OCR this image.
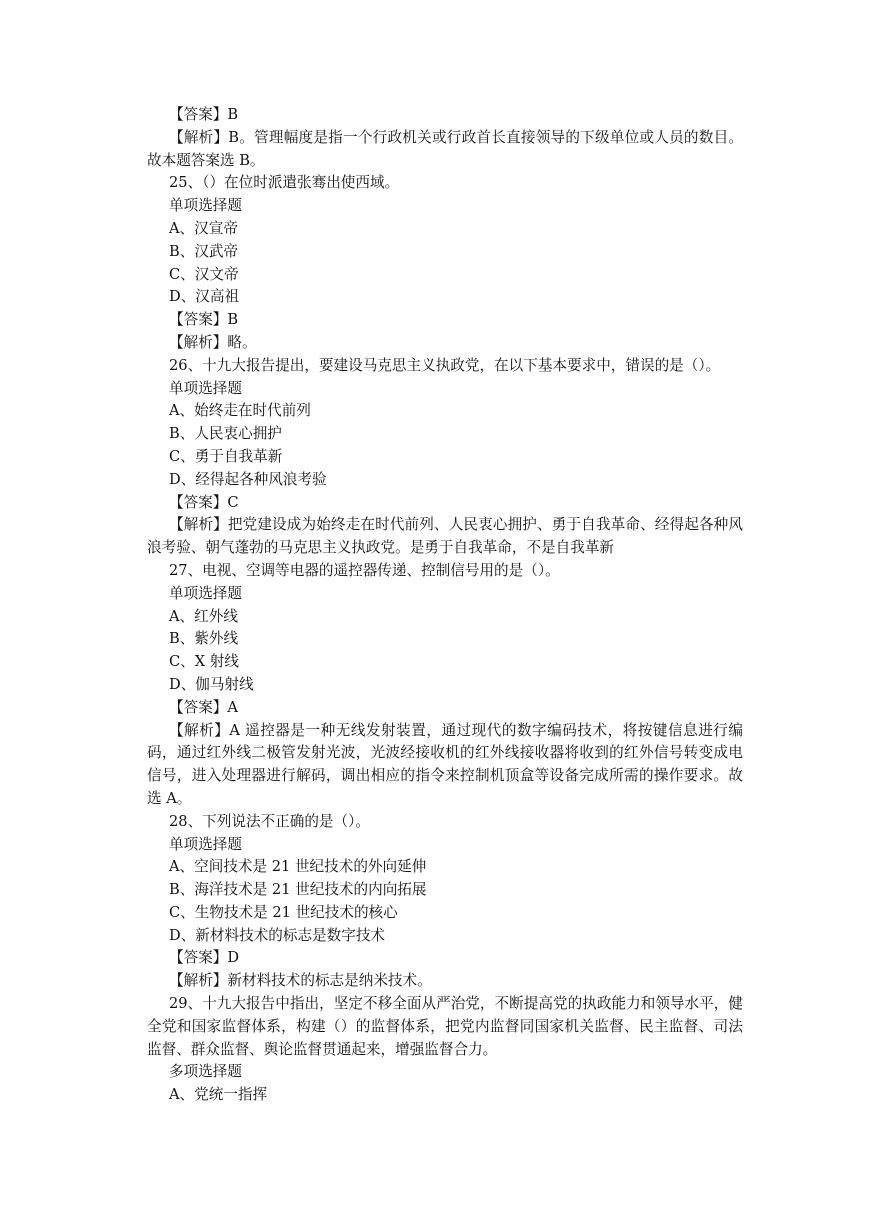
【答案】B

【解析】B。管理幅度是指一个行政机关或行政首长直接领导的下级单位或人员的数目。故本题答案选 B。

25、（）在位时派遣张骞出使西域。

单项选择题

A、汉宣帝

B、汉武帝

C、汉文帝

D、汉高祖

【答案】B

【解析】略。

26、十九大报告提出，要建设马克思主义执政党，在以下基本要求中，错误的是（）。

单项选择题

A、始终走在时代前列

B、人民衷心拥护

C、勇于自我革新

D、经得起各种风浪考验

【答案】C

【解析】把党建设成为始终走在时代前列、人民衷心拥护、勇于自我革命、经得起各种风浪考验、朝气蓬勃的马克思主义执政党。是勇于自我革命，不是自我革新

27、电视、空调等电器的遥控器传递、控制信号用的是（）。

单项选择题

A、红外线

B、紫外线

C、X 射线

D、伽马射线

【答案】A

【解析】A 遥控器是一种无线发射装置，通过现代的数字编码技术，将按键信息进行编码，通过红外线二极管发射光波，光波经接收机的红外线接收器将收到的红外信号转变成电信号，进入处理器进行解码，调出相应的指令来控制机顶盒等设备完成所需的操作要求。故选 A。

28、下列说法不正确的是（）。

单项选择题

A、空间技术是 21 世纪技术的外向延伸

B、海洋技术是 21 世纪技术的内向拓展

C、生物技术是 21 世纪技术的核心

D、新材料技术的标志是数字技术

【答案】D

【解析】新材料技术的标志是纳米技术。

29、十九大报告中指出，坚定不移全面从严治党，不断提高党的执政能力和领导水平，健全党和国家监督体系，构建（）的监督体系，把党内监督同国家机关监督、民主监督、司法监督、群众监督、舆论监督贯通起来，增强监督合力。

多项选择题

A、党统一指挥
